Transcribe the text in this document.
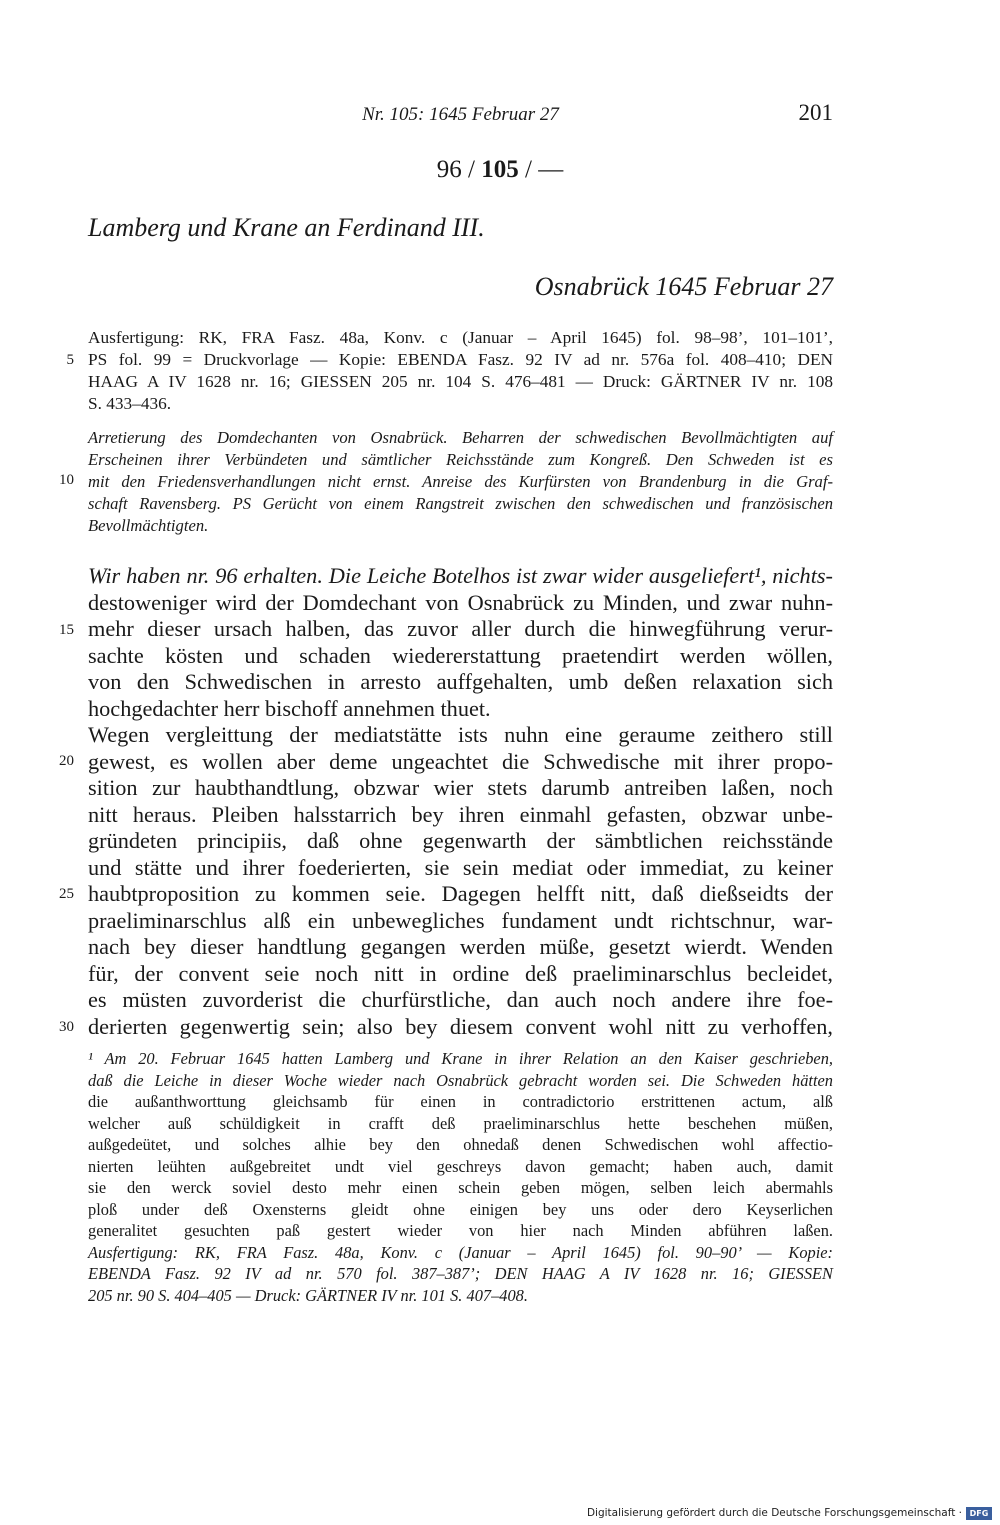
Nr. 105: 1645 Februar 27	201
96 / 105 / —
Lamberg und Krane an Ferdinand III.
Osnabrück 1645 Februar 27
Ausfertigung: RK, FRA Fasz. 48a, Konv. c (Januar – April 1645) fol. 98–98’, 101–101’,
PS fol. 99 = Druckvorlage — Kopie: EBENDA Fasz. 92 IV ad nr. 576a fol. 408–410; DEN
HAAG A IV 1628 nr. 16; GIESSEN 205 nr. 104 S. 476–481 — Druck: GÄRTNER IV nr. 108
S. 433–436.
Arretierung des Domdechanten von Osnabrück. Beharren der schwedischen Bevollmächtigten auf
Erscheinen ihrer Verbündeten und sämtlicher Reichsstände zum Kongreß. Den Schweden ist es
mit den Friedensverhandlungen nicht ernst. Anreise des Kurfürsten von Brandenburg in die Graf-
schaft Ravensberg. PS Gerücht von einem Rangstreit zwischen den schwedischen und französischen
Bevollmächtigten.
Wir haben nr. 96 erhalten. Die Leiche Botelhos ist zwar wider ausgeliefert¹, nichts-
destoweniger wird der Domdechant von Osnabrück zu Minden, und zwar nuhn-
mehr dieser ursach halben, das zuvor aller durch die hinwegführung verur-
sachte kösten und schaden wiedererstattung praetendirt werden wöllen,
von den Schwedischen in arresto auffgehalten, umb deßen relaxation sich
hochgedachter herr bischoff annehmen thuet.
Wegen vergleittung der mediatstätte ists nuhn eine geraume zeithero still
gewest, es wollen aber deme ungeachtet die Schwedische mit ihrer propo-
sition zur haubthandtlung, obzwar wier stets darumb antreiben laßen, noch
nitt heraus. Pleiben halsstarrich bey ihren einmahl gefasten, obzwar unbe-
gründeten principiis, daß ohne gegenwarth der sämbtlichen reichsstände
und stätte und ihrer foederierten, sie sein mediat oder immediat, zu keiner
haubtproposition zu kommen seie. Dagegen helfft nitt, daß dießseidts der
praeliminarschlus alß ein unbewegliches fundament undt richtschnur, war-
nach bey dieser handtlung gegangen werden müße, gesetzt wierdt. Wenden
für, der convent seie noch nitt in ordine deß praeliminarschlus becleidet,
es müsten zuvorderist die churfürstliche, dan auch noch andere ihre foe-
derierten gegenwertig sein; also bey diesem convent wohl nitt zu verhoffen,
¹ Am 20. Februar 1645 hatten Lamberg und Krane in ihrer Relation an den Kaiser geschrieben,
daß die Leiche in dieser Woche wieder nach Osnabrück gebracht worden sei. Die Schweden hätten
die außanthworttung gleichsamb für einen in contradictorio erstrittenen actum, alß
welcher auß schüldigkeit in crafft deß praeliminarschlus hette beschehen müßen,
außgedeütet, und solches alhie bey den ohnedaß denen Schwedischen wohl affectio-
nierten leühten außgebreitet undt viel geschreys davon gemacht; haben auch, damit
sie den werck soviel desto mehr einen schein geben mögen, selben leich abermahls
ploß under deß Oxensterns gleidt ohne einigen bey uns oder dero Keyserlichen
generalitet gesuchten paß gestert wieder von hier nach Minden abführen laßen.
Ausfertigung: RK, FRA Fasz. 48a, Konv. c (Januar – April 1645) fol. 90–90’ — Kopie:
EBENDA Fasz. 92 IV ad nr. 570 fol. 387–387’; DEN HAAG A IV 1628 nr. 16; GIESSEN
205 nr. 90 S. 404–405 — Druck: GÄRTNER IV nr. 101 S. 407–408.
5
10
15
20
25
30
Digitalisierung gefördert durch die Deutsche Forschungsgemeinschaft · DFG
